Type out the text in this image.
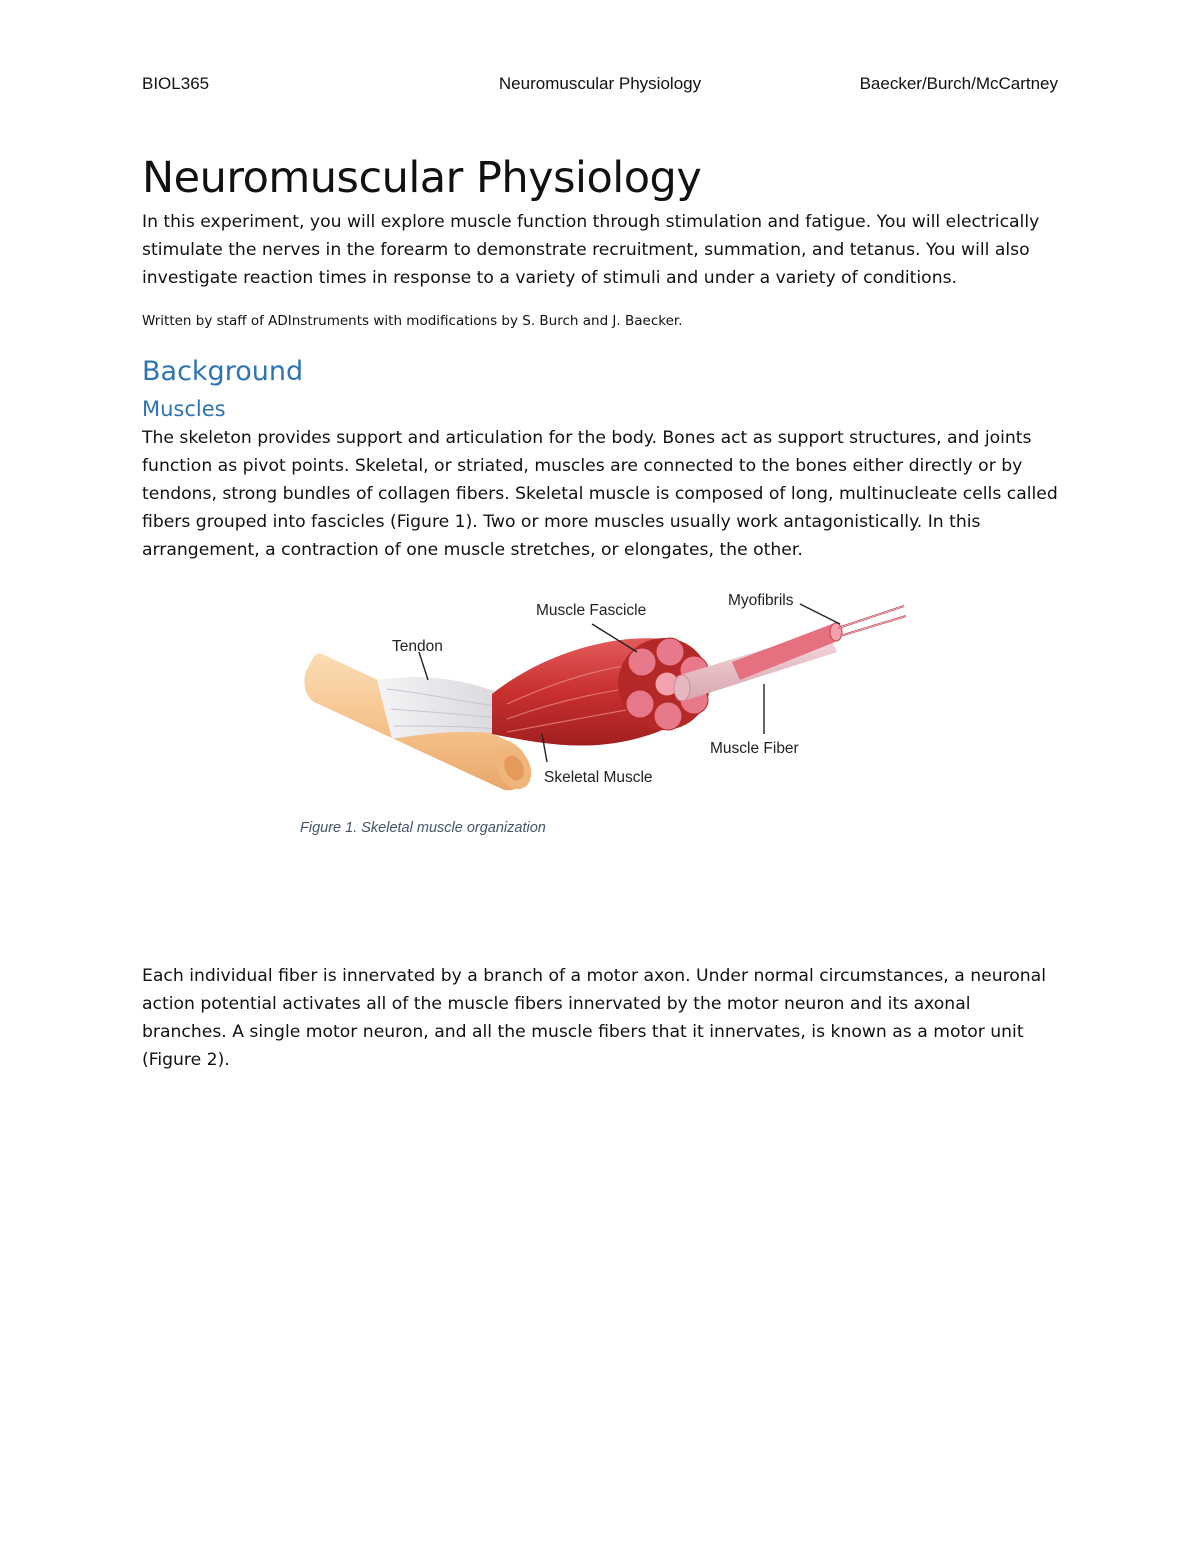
BIOL365	Neuromuscular Physiology	Baecker/Burch/McCartney
Neuromuscular Physiology

In this experiment, you will explore muscle function through stimulation and fatigue. You will electrically stimulate the nerves in the forearm to demonstrate recruitment, summation, and tetanus. You will also investigate reaction times in response to a variety of stimuli and under a variety of conditions.

Written by staff of ADInstruments with modifications by S. Burch and J. Baecker.

Background
Muscles

The skeleton provides support and articulation for the body. Bones act as support structures, and joints function as pivot points. Skeletal, or striated, muscles are connected to the bones either directly or by tendons, strong bundles of collagen fibers. Skeletal muscle is composed of long, multinucleate cells called fibers grouped into fascicles (Figure 1). Two or more muscles usually work antagonistically. In this arrangement, a contraction of one muscle stretches, or elongates, the other.

Tendon
Muscle Fascicle
Myofibrils
Muscle Fiber
Skeletal Muscle
Figure 1. Skeletal muscle organization

Each individual fiber is innervated by a branch of a motor axon. Under normal circumstances, a neuronal action potential activates all of the muscle fibers innervated by the motor neuron and its axonal branches. A single motor neuron, and all the muscle fibers that it innervates, is known as a motor unit (Figure 2).
